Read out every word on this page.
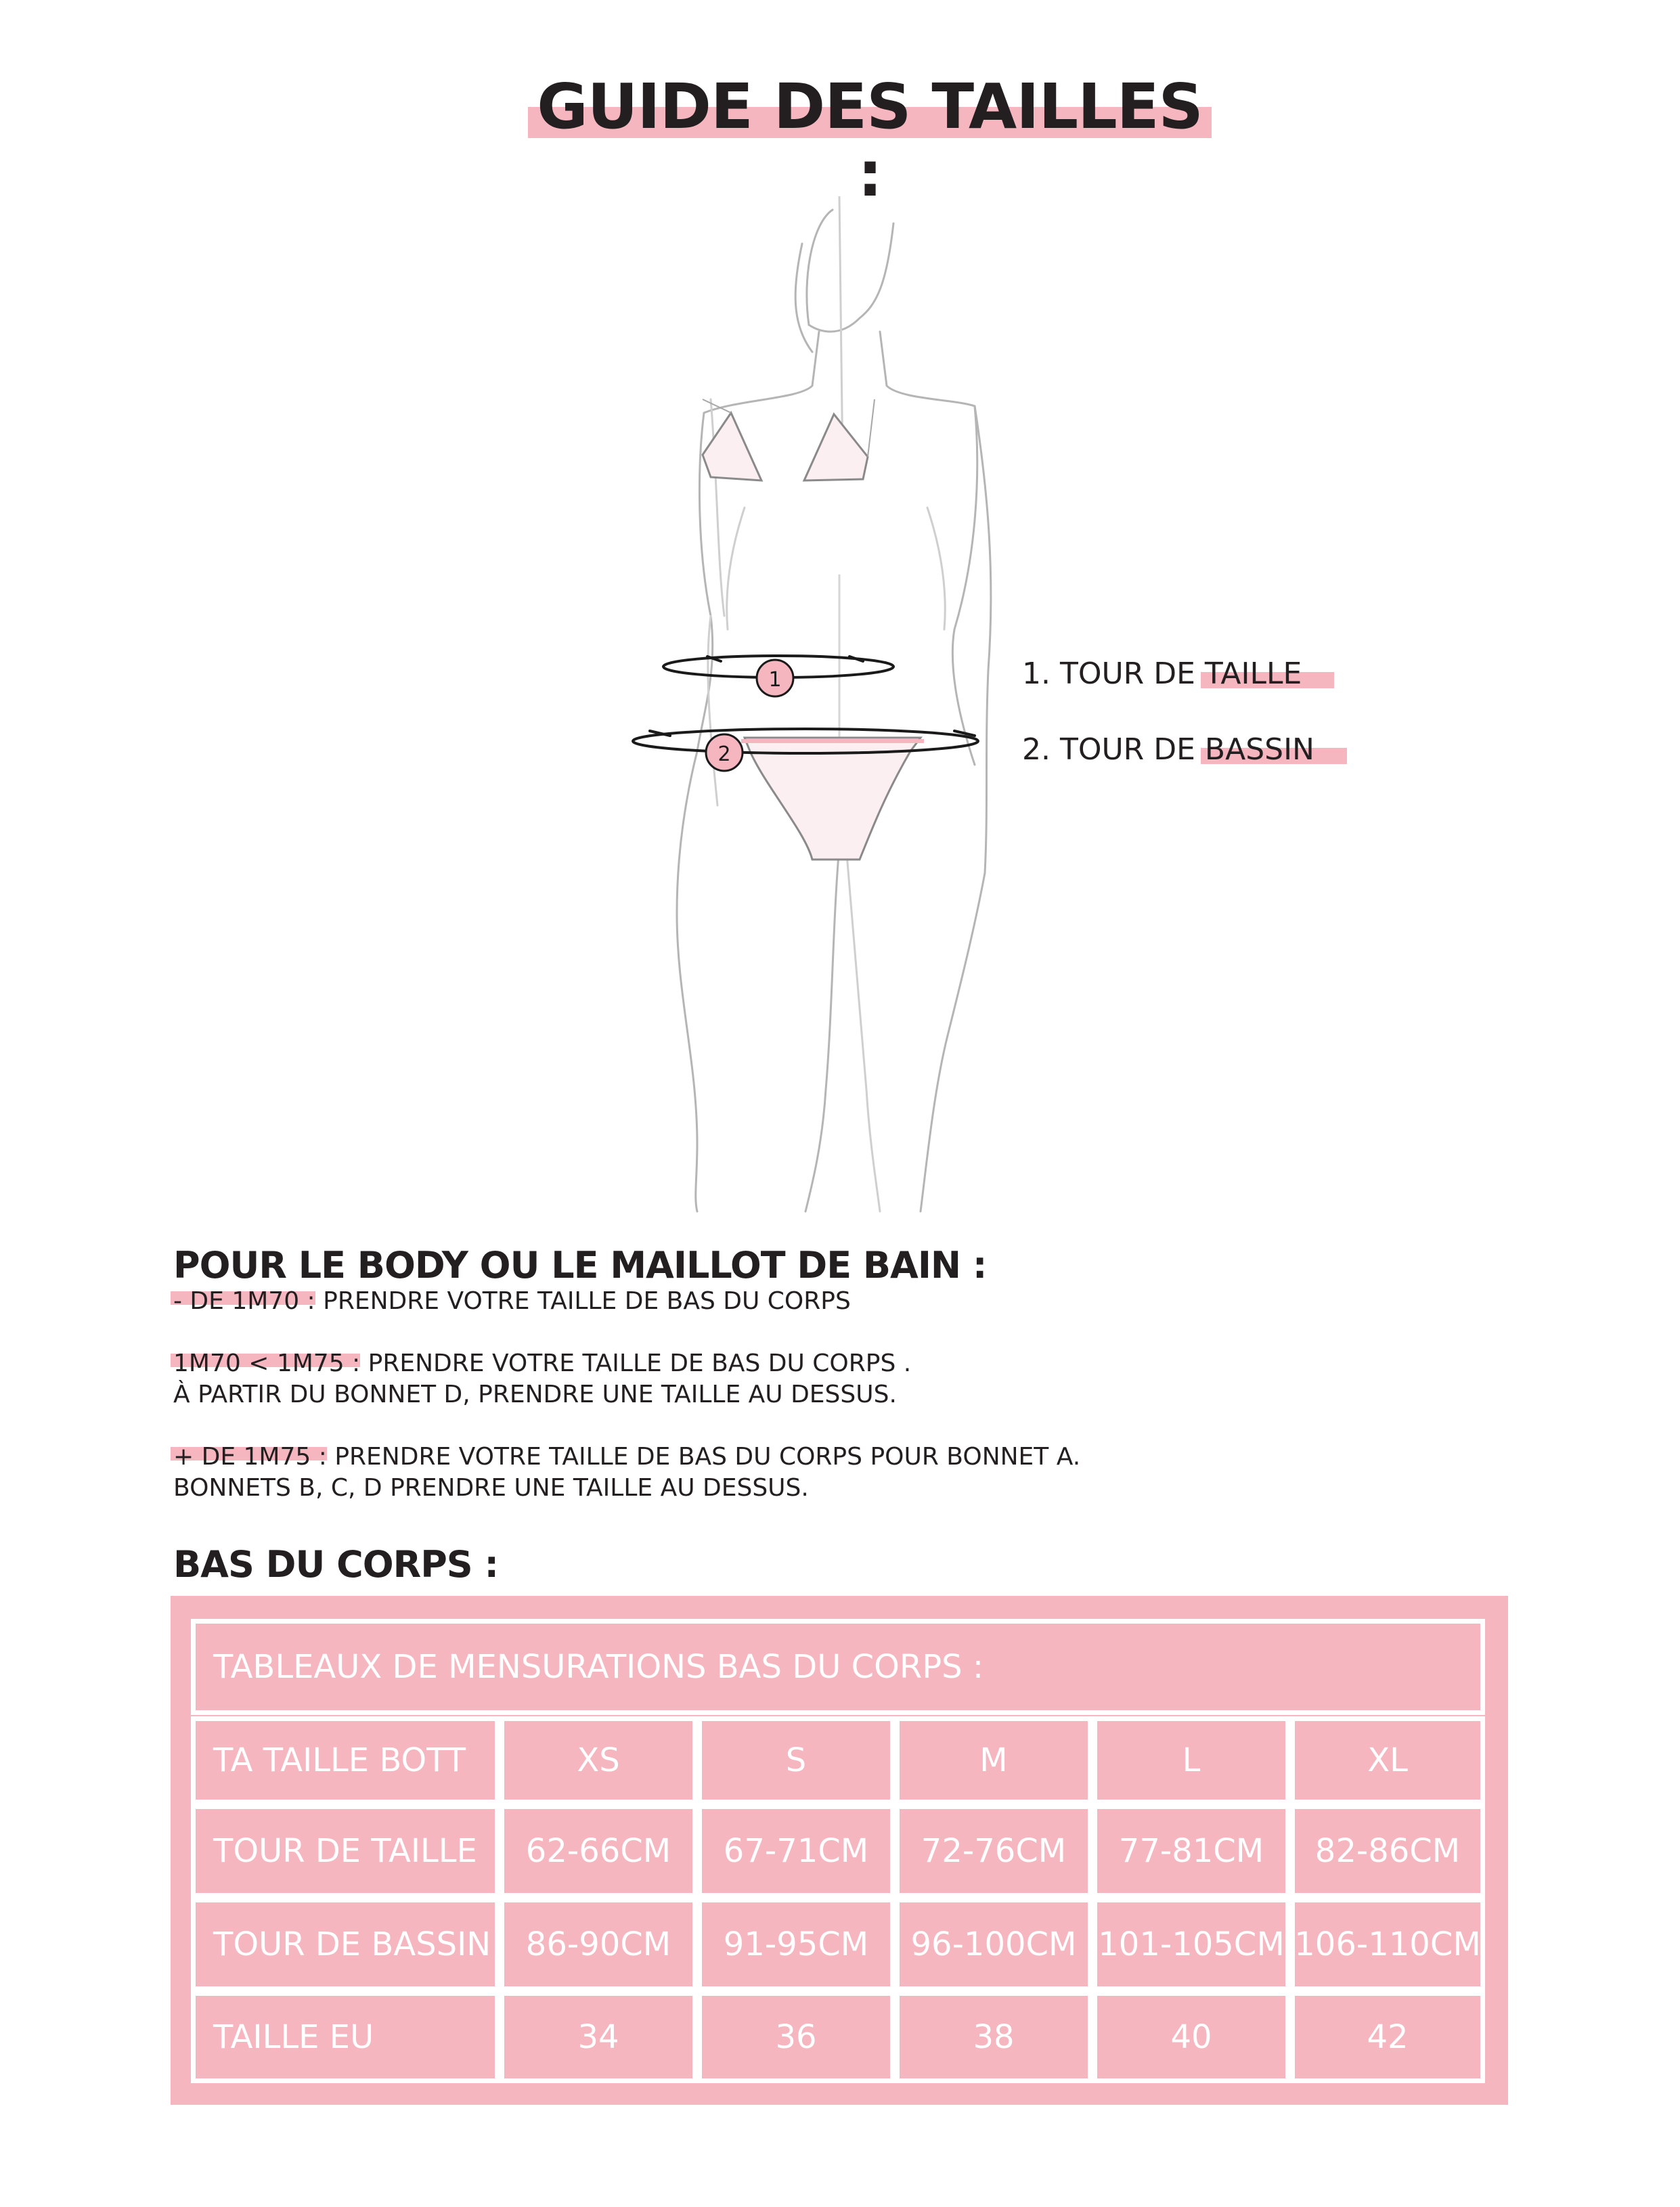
GUIDE DES TAILLES :
1
2
1. TOUR DE TAILLE
2. TOUR DE BASSIN
POUR LE BODY OU LE MAILLOT DE BAIN :
- DE 1M70 : PRENDRE VOTRE TAILLE DE BAS DU CORPS
1M70 < 1M75 : PRENDRE VOTRE TAILLE DE BAS DU CORPS .
À PARTIR DU BONNET D, PRENDRE UNE TAILLE AU DESSUS.
+ DE 1M75 : PRENDRE VOTRE TAILLE DE BAS DU CORPS POUR BONNET A.
BONNETS B, C, D PRENDRE UNE TAILLE AU DESSUS.
BAS DU CORPS :
TABLEAUX DE MENSURATIONS BAS DU CORPS :
TA TAILLE BOTT	XS	S	M	L	XL
TOUR DE TAILLE	62-66CM	67-71CM	72-76CM	77-81CM	82-86CM
TOUR DE BASSIN	86-90CM	91-95CM	96-100CM 101-105CM 106-110CM
TAILLE EU	34	36	38	40	42
